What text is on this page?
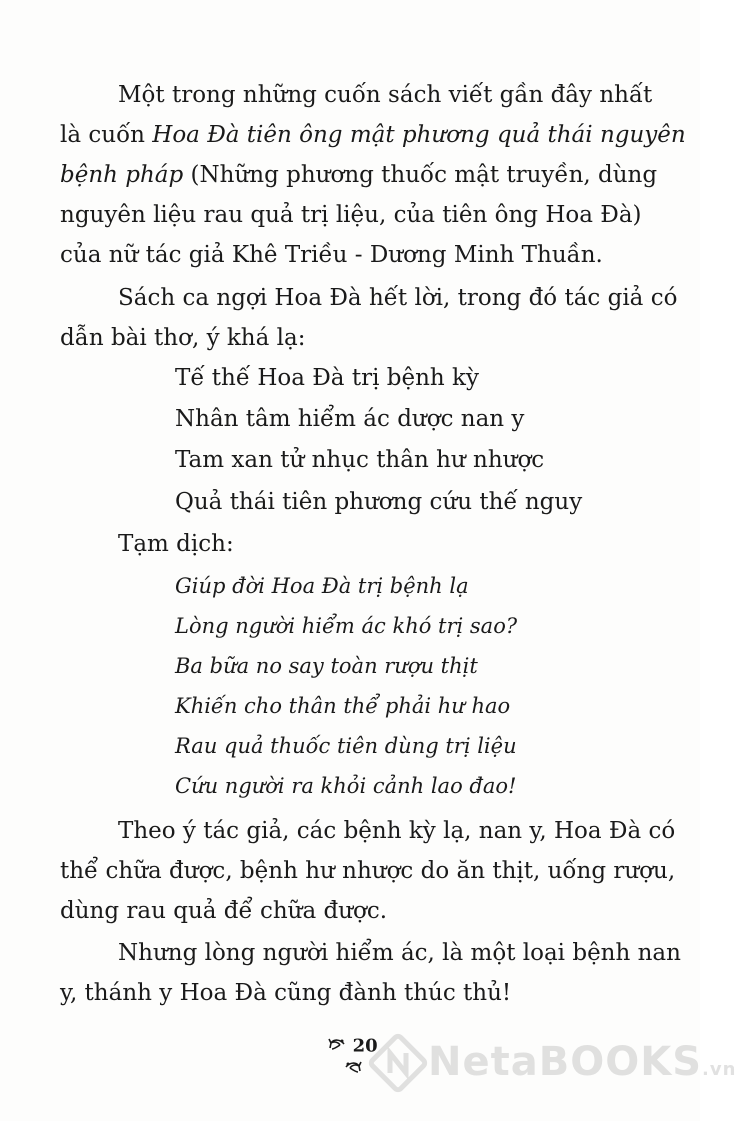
Một trong những cuốn sách viết gần đây nhất
là cuốn Hoa Đà tiên ông mật phương quả thái nguyên
bệnh pháp (Những phương thuốc mật truyền, dùng
nguyên liệu rau quả trị liệu, của tiên ông Hoa Đà)
của nữ tác giả Khê Triều - Dương Minh Thuần.
Sách ca ngợi Hoa Đà hết lời, trong đó tác giả có
dẫn bài thơ, ý khá lạ:
Tế thế Hoa Đà trị bệnh kỳ
Nhân tâm hiểm ác dược nan y
Tam xan tử nhục thân hư nhược
Quả thái tiên phương cứu thế nguy
Tạm dịch:
Giúp đời Hoa Đà trị bệnh lạ
Lòng người hiểm ác khó trị sao?
Ba bữa no say toàn rượu thịt
Khiến cho thân thể phải hư hao
Rau quả thuốc tiên dùng trị liệu
Cứu người ra khỏi cảnh lao đao!
Theo ý tác giả, các bệnh kỳ lạ, nan y, Hoa Đà có
thể chữa được, bệnh hư nhược do ăn thịt, uống rượu,
dùng rau quả để chữa được.
Nhưng lòng người hiểm ác, là một loại bệnh nan
y, thánh y Hoa Đà cũng đành thúc thủ!
20 NetaBOOKS.vn
